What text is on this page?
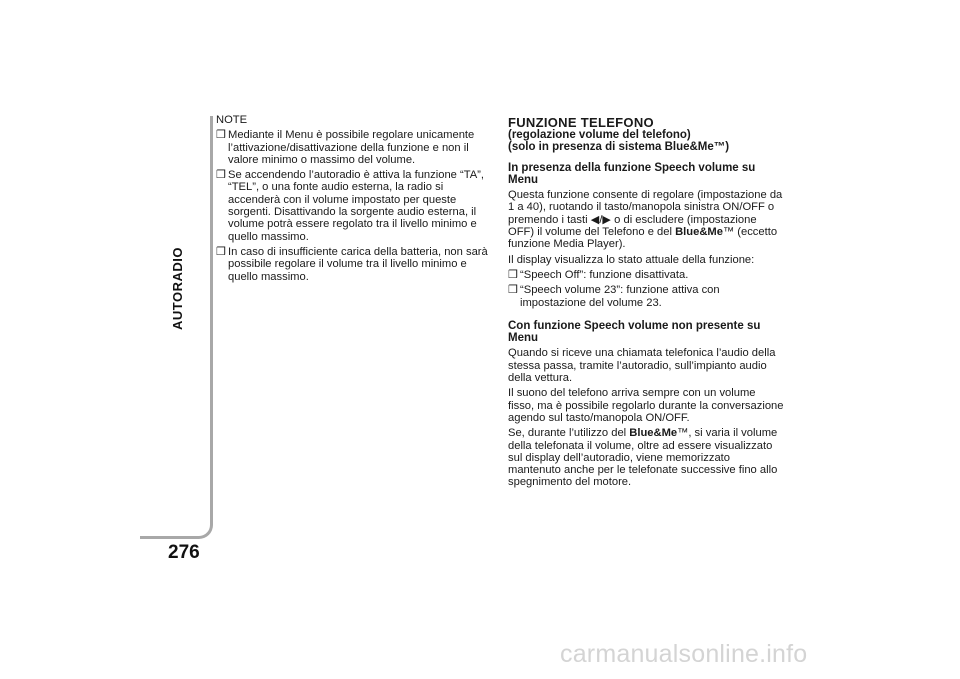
AUTORADIO
276
NOTE
❒ Mediante il Menu è possibile regolare unicamente l’attivazione/disattivazione della funzione e non il valore minimo o massimo del volume.
❒ Se accendendo l’autoradio è attiva la funzione “TA”, “TEL”, o una fonte audio esterna, la radio si accenderà con il volume impostato per queste sorgenti. Disattivando la sorgente audio esterna, il volume potrà essere regolato tra il livello minimo e quello massimo.
❒ In caso di insufficiente carica della batteria, non sarà possibile regolare il volume tra il livello minimo e quello massimo.
FUNZIONE TELEFONO
(regolazione volume del telefono)
(solo in presenza di sistema Blue&Me™)
In presenza della funzione Speech volume su Menu
Questa funzione consente di regolare (impostazione da 1 a 40), ruotando il tasto/manopola sinistra ON/OFF o premendo i tasti ◀/▶ o di escludere (impostazione OFF) il volume del Telefono e del Blue&Me™ (eccetto funzione Media Player).
Il display visualizza lo stato attuale della funzione:
❒ “Speech Off”: funzione disattivata.
❒ “Speech volume 23”: funzione attiva con impostazione del volume 23.
Con funzione Speech volume non presente su Menu
Quando si riceve una chiamata telefonica l’audio della stessa passa, tramite l’autoradio, sull’impianto audio della vettura.
Il suono del telefono arriva sempre con un volume fisso, ma è possibile regolarlo durante la conversazione agendo sul tasto/manopola ON/OFF.
Se, durante l’utilizzo del Blue&Me™, si varia il volume della telefonata il volume, oltre ad essere visualizzato sul display dell’autoradio, viene memorizzato mantenuto anche per le telefonate successive fino allo spegnimento del motore.
carmanualsonline.info
